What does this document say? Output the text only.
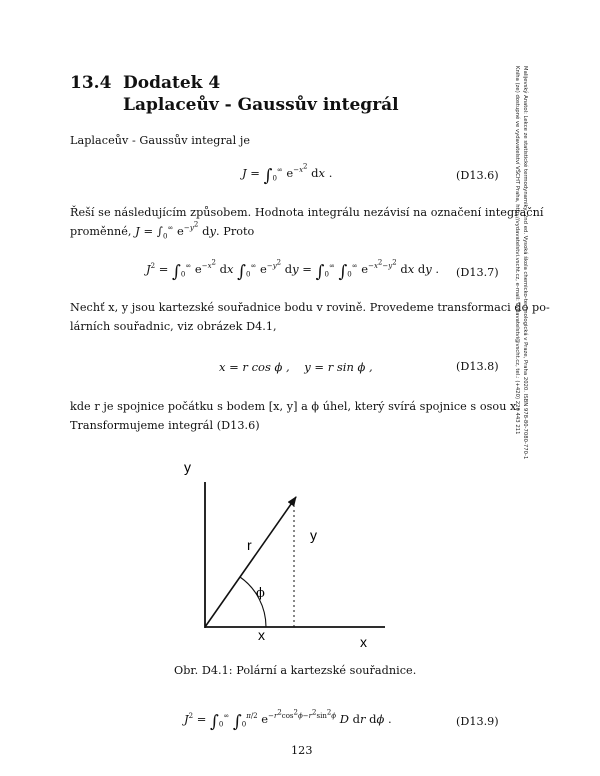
13.4 Dodatek 4
Laplaceův - Gaussův integrál	Malijevský Anatol: Lekce ze statistické termodynamiky, 2nd ed. Vysoká škola chemicko-technologická v Praze, Praha 2020. ISBN 978-80-7080-770-1
Kniha (ze) dostupné ve vydavatelství VŠCHT Praha, http://vydavatelstvi.vscht.cz, e-mail: vydavatelstvi@vscht.cz, tel.: (+420) 220 443 211
Laplaceův - Gaussův integral je
$J = \int_0^\infty$ $e^{-x^2}$ dx .	(D13.6)
Řeší se následujícím způsobem. Hodnota integrálu nezávisí na označení integrační
proměnné, $J = \int_0^\infty$ $e^{-y^2}$ dy. Proto
$J^2 = \int_0^\infty$ $e^{-x^2}$ dx $\int_0^\infty$ $e^{-y^2}$ dy = $\int_0^\infty$ $\int_0^\infty$ $e^{-x^2-y^2}$ dx dy . (D13.7)
Nechť x, y jsou kartezské souřadnice bodu v rovině. Provedeme transformaci do po-
lárních souřadnic, viz obrázek D4.1,
x = r cos ϕ ,    y = r sin ϕ ,	(D13.8)
kde r je spojnice počátku s bodem [x, y] a ϕ úhel, který svírá spojnice s osou x.
Transformujeme integrál (D13.6)
y
x
r
y
ϕ
x
Obr. D4.1: Polární a kartezské souřadnice.
$J^2 = \int_0^\infty$ $\int_0^{\pi/2}$ $e^{-r^2cos^2\phi-r^2sin^2\phi}$ D dr dϕ .	(D13.9)
123
